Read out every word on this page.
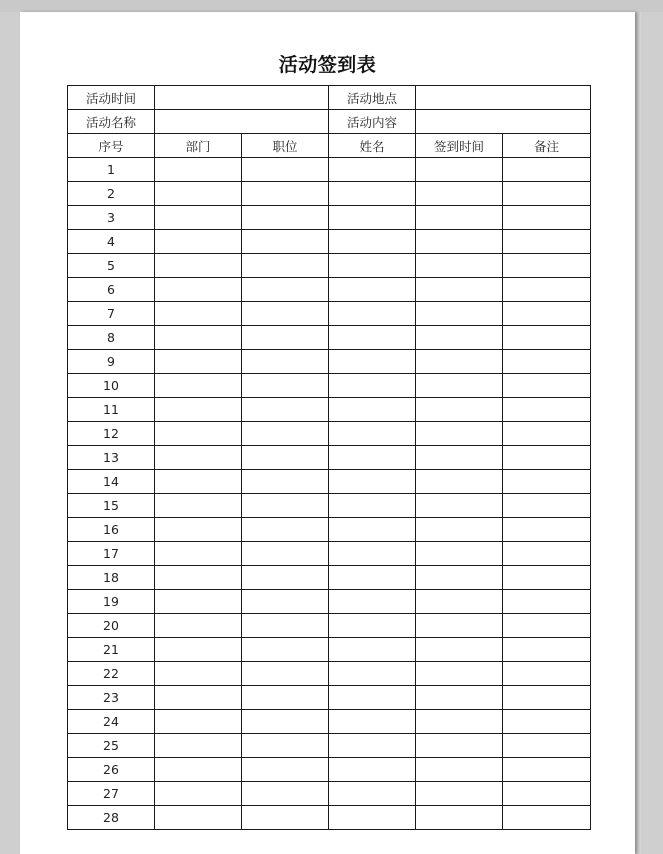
活动签到表
活动时间			活动地点		
活动名称			活动内容		
序号	部门	职位	姓名	签到时间	备注
1					
2					
3					
4					
5					
6					
7					
8					
9					
10					
11					
12					
13					
14					
15					
16					
17					
18					
19					
20					
21					
22					
23					
24					
25					
26					
27					
28					
